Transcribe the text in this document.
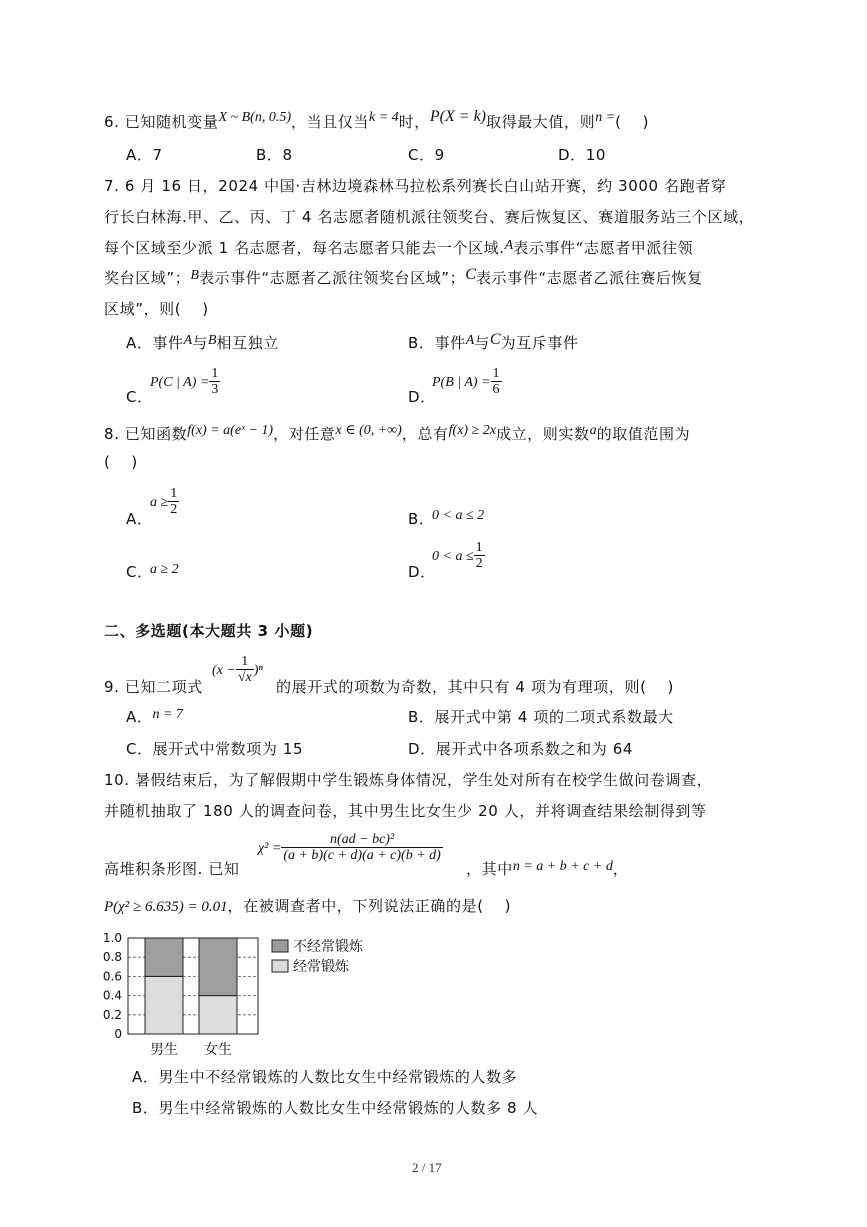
6. 已知随机变量X ~ B(n, 0.5)，当且仅当k = 4时，P(X = k)取得最大值，则n =(　 )
A．7	B．8	C．9	D．10
7. 6 月 16 日，2024 中国·吉林边境森林马拉松系列赛长白山站开赛，约 3000 名跑者穿
行长白林海.甲、乙、丙、丁 4 名志愿者随机派往领奖台、赛后恢复区、赛道服务站三个区域，
每个区域至少派 1 名志愿者，每名志愿者只能去一个区域.A表示事件“志愿者甲派往领
奖台区域”；B表示事件“志愿者乙派往领奖台区域”；C表示事件“志愿者乙派往赛后恢复
区域”，则(　 )
A．事件A与B相互独立	B．事件A与C为互斥事件
C．
P(C | $A) = \frac{1}{3}$	D．
P(B | $A) = \frac{1}{6}$
8. 已知函数f(x) = a(eˣ − 1)，对任意x ∈ (0, +∞)，总有f(x) ≥ 2x成立，则实数a的取值范围为
(　 )
A．
$a \ge \frac{1}{2}$
B．
0 < a ≤ 2
C．
a ≥ 2	D．
$0 < a \le \frac{1}{2}$
二、多选题(本大题共 3 小题)
$(x - \frac{1}{√x} )^n$
9. 已知二项式	的展开式的项数为奇数，其中只有 4 项为有理项，则(　 )
A．n = 7	B．展开式中第 4 项的二项式系数最大
C．展开式中常数项为 15	D．展开式中各项系数之和为 64
10. 暑假结束后，为了解假期中学生锻炼身体情况，学生处对所有在校学生做问卷调查，
并随机抽取了 180 人的调查问卷，其中男生比女生少 20 人，并将调查结果绘制得到等
高堆积条形图. 已知
$\chi^2 = \frac{\text{n(ad − bc)²}}{(a + b)(c + d)(a + c)(b + d)}$
，其中n = a + b + c + d，
P(χ² ≥ 6.635) = 0.01，在被调查者中，下列说法正确的是(　 )
0
0.2
0.4
0.6
0.8
1.0
男生 女生
不经常锻炼
经常锻炼
A．男生中不经常锻炼的人数比女生中经常锻炼的人数多
B．男生中经常锻炼的人数比女生中经常锻炼的人数多 8 人
2 / 17
